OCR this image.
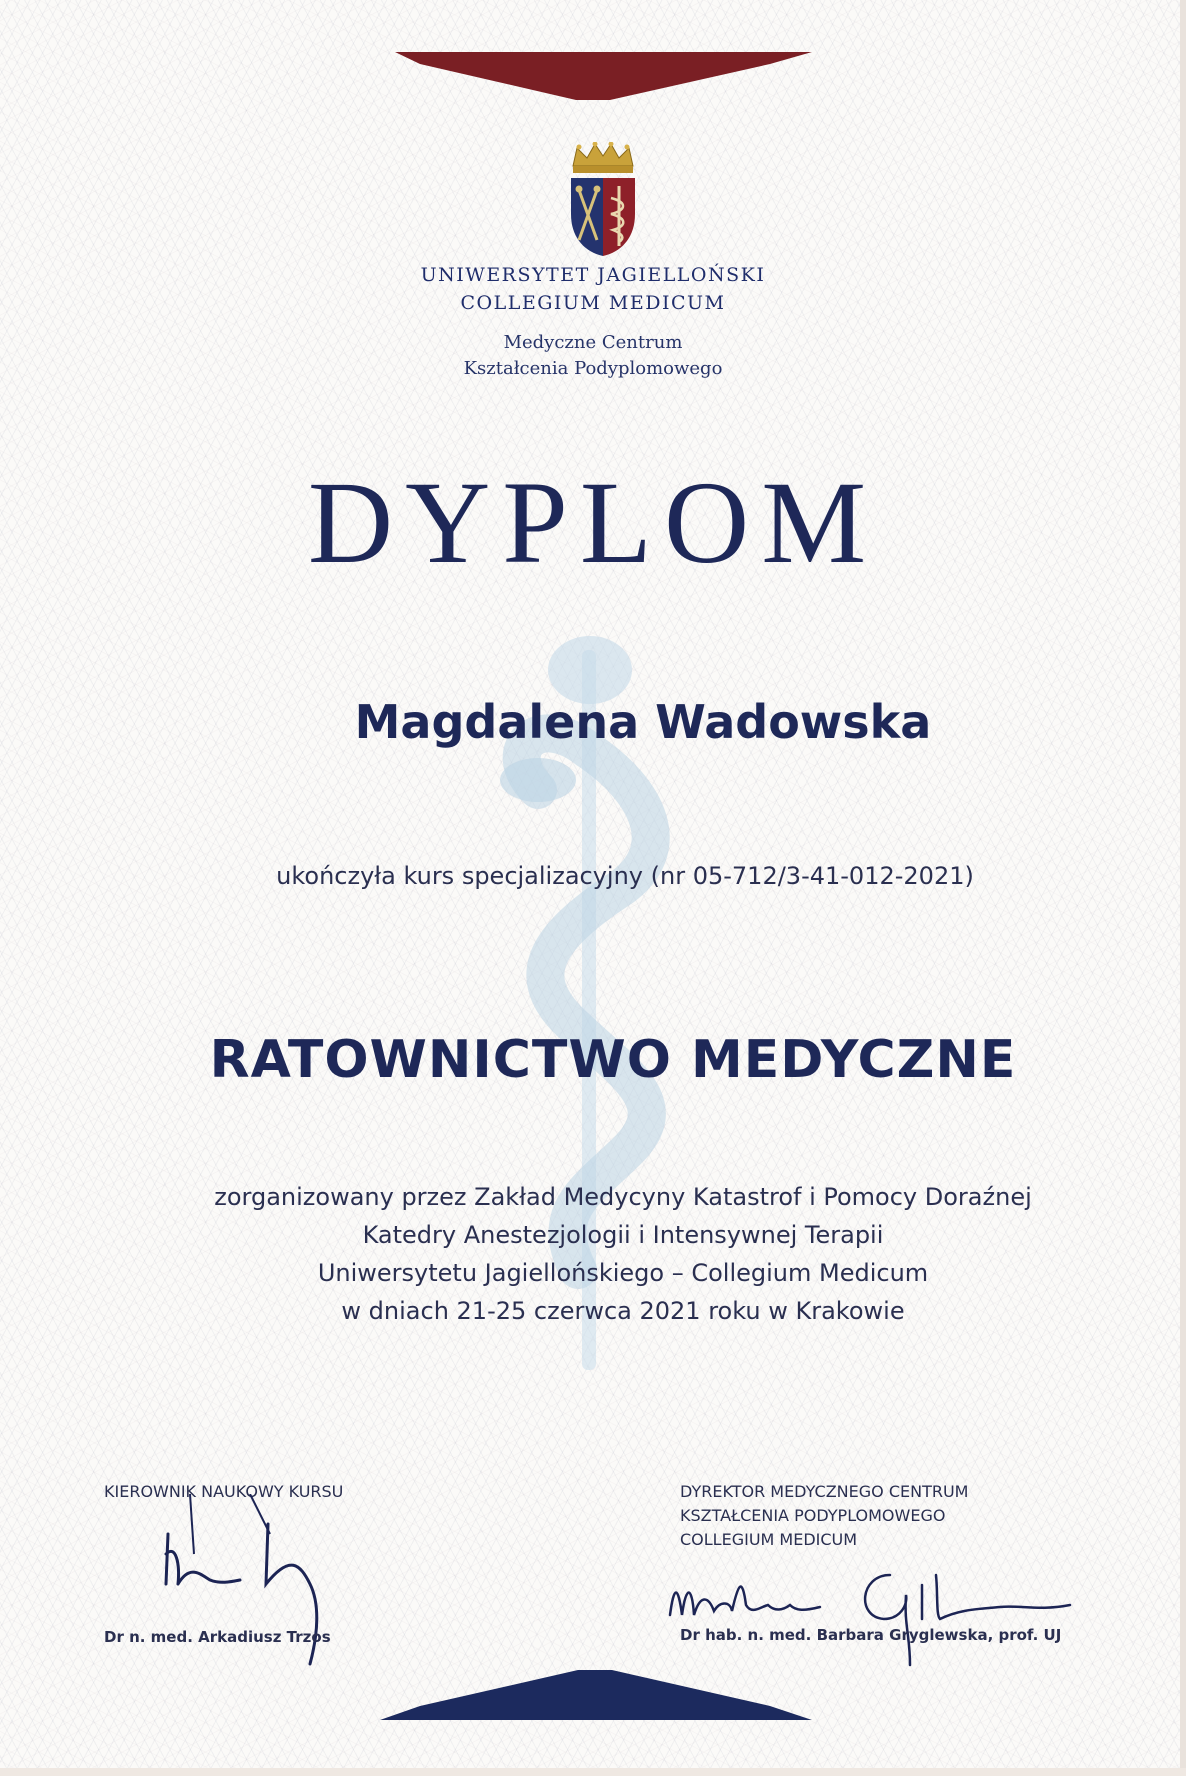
UNIWERSYTET JAGIELLOŃSKI
COLLEGIUM MEDICUM
Medyczne Centrum
Kształcenia Podyplomowego
DYPLOM
Magdalena Wadowska
ukończyła kurs specjalizacyjny (nr 05-712/3-41-012-2021)
RATOWNICTWO MEDYCZNE
zorganizowany przez Zakład Medycyny Katastrof i Pomocy Doraźnej
Katedry Anestezjologii i Intensywnej Terapii
Uniwersytetu Jagiellońskiego – Collegium Medicum
w dniach 21-25 czerwca 2021 roku w Krakowie
KIEROWNIK NAUKOWY KURSU
Dr n. med. Arkadiusz Trzos
DYREKTOR MEDYCZNEGO CENTRUM
KSZTAŁCENIA PODYPLOMOWEGO
COLLEGIUM MEDICUM
Dr hab. n. med. Barbara Gryglewska, prof. UJ
